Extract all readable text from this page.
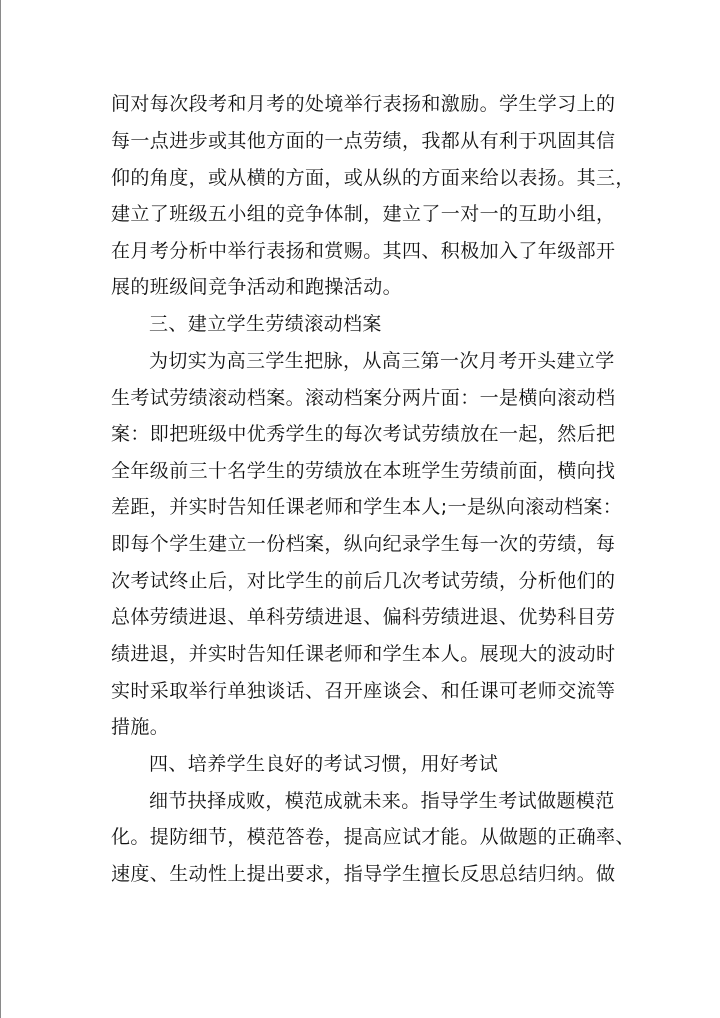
间对每次段考和月考的处境举行表扬和激励。学生学习上的
每一点进步或其他方面的一点劳绩，我都从有利于巩固其信
仰的角度，或从横的方面，或从纵的方面来给以表扬。其三，
建立了班级五小组的竞争体制，建立了一对一的互助小组，
在月考分析中举行表扬和赏赐。其四、积极加入了年级部开
展的班级间竞争活动和跑操活动。
三、建立学生劳绩滚动档案
为切实为高三学生把脉，从高三第一次月考开头建立学
生考试劳绩滚动档案。滚动档案分两片面：一是横向滚动档
案：即把班级中优秀学生的每次考试劳绩放在一起，然后把
全年级前三十名学生的劳绩放在本班学生劳绩前面，横向找
差距，并实时告知任课老师和学生本人;一是纵向滚动档案：
即每个学生建立一份档案，纵向纪录学生每一次的劳绩，每
次考试终止后，对比学生的前后几次考试劳绩，分析他们的
总体劳绩进退、单科劳绩进退、偏科劳绩进退、优势科目劳
绩进退，并实时告知任课老师和学生本人。展现大的波动时
实时采取举行单独谈话、召开座谈会、和任课可老师交流等
措施。
四、培养学生良好的考试习惯，用好考试
细节抉择成败，模范成就未来。指导学生考试做题模范
化。提防细节，模范答卷，提高应试才能。从做题的正确率、
速度、生动性上提出要求，指导学生擅长反思总结归纳。做
